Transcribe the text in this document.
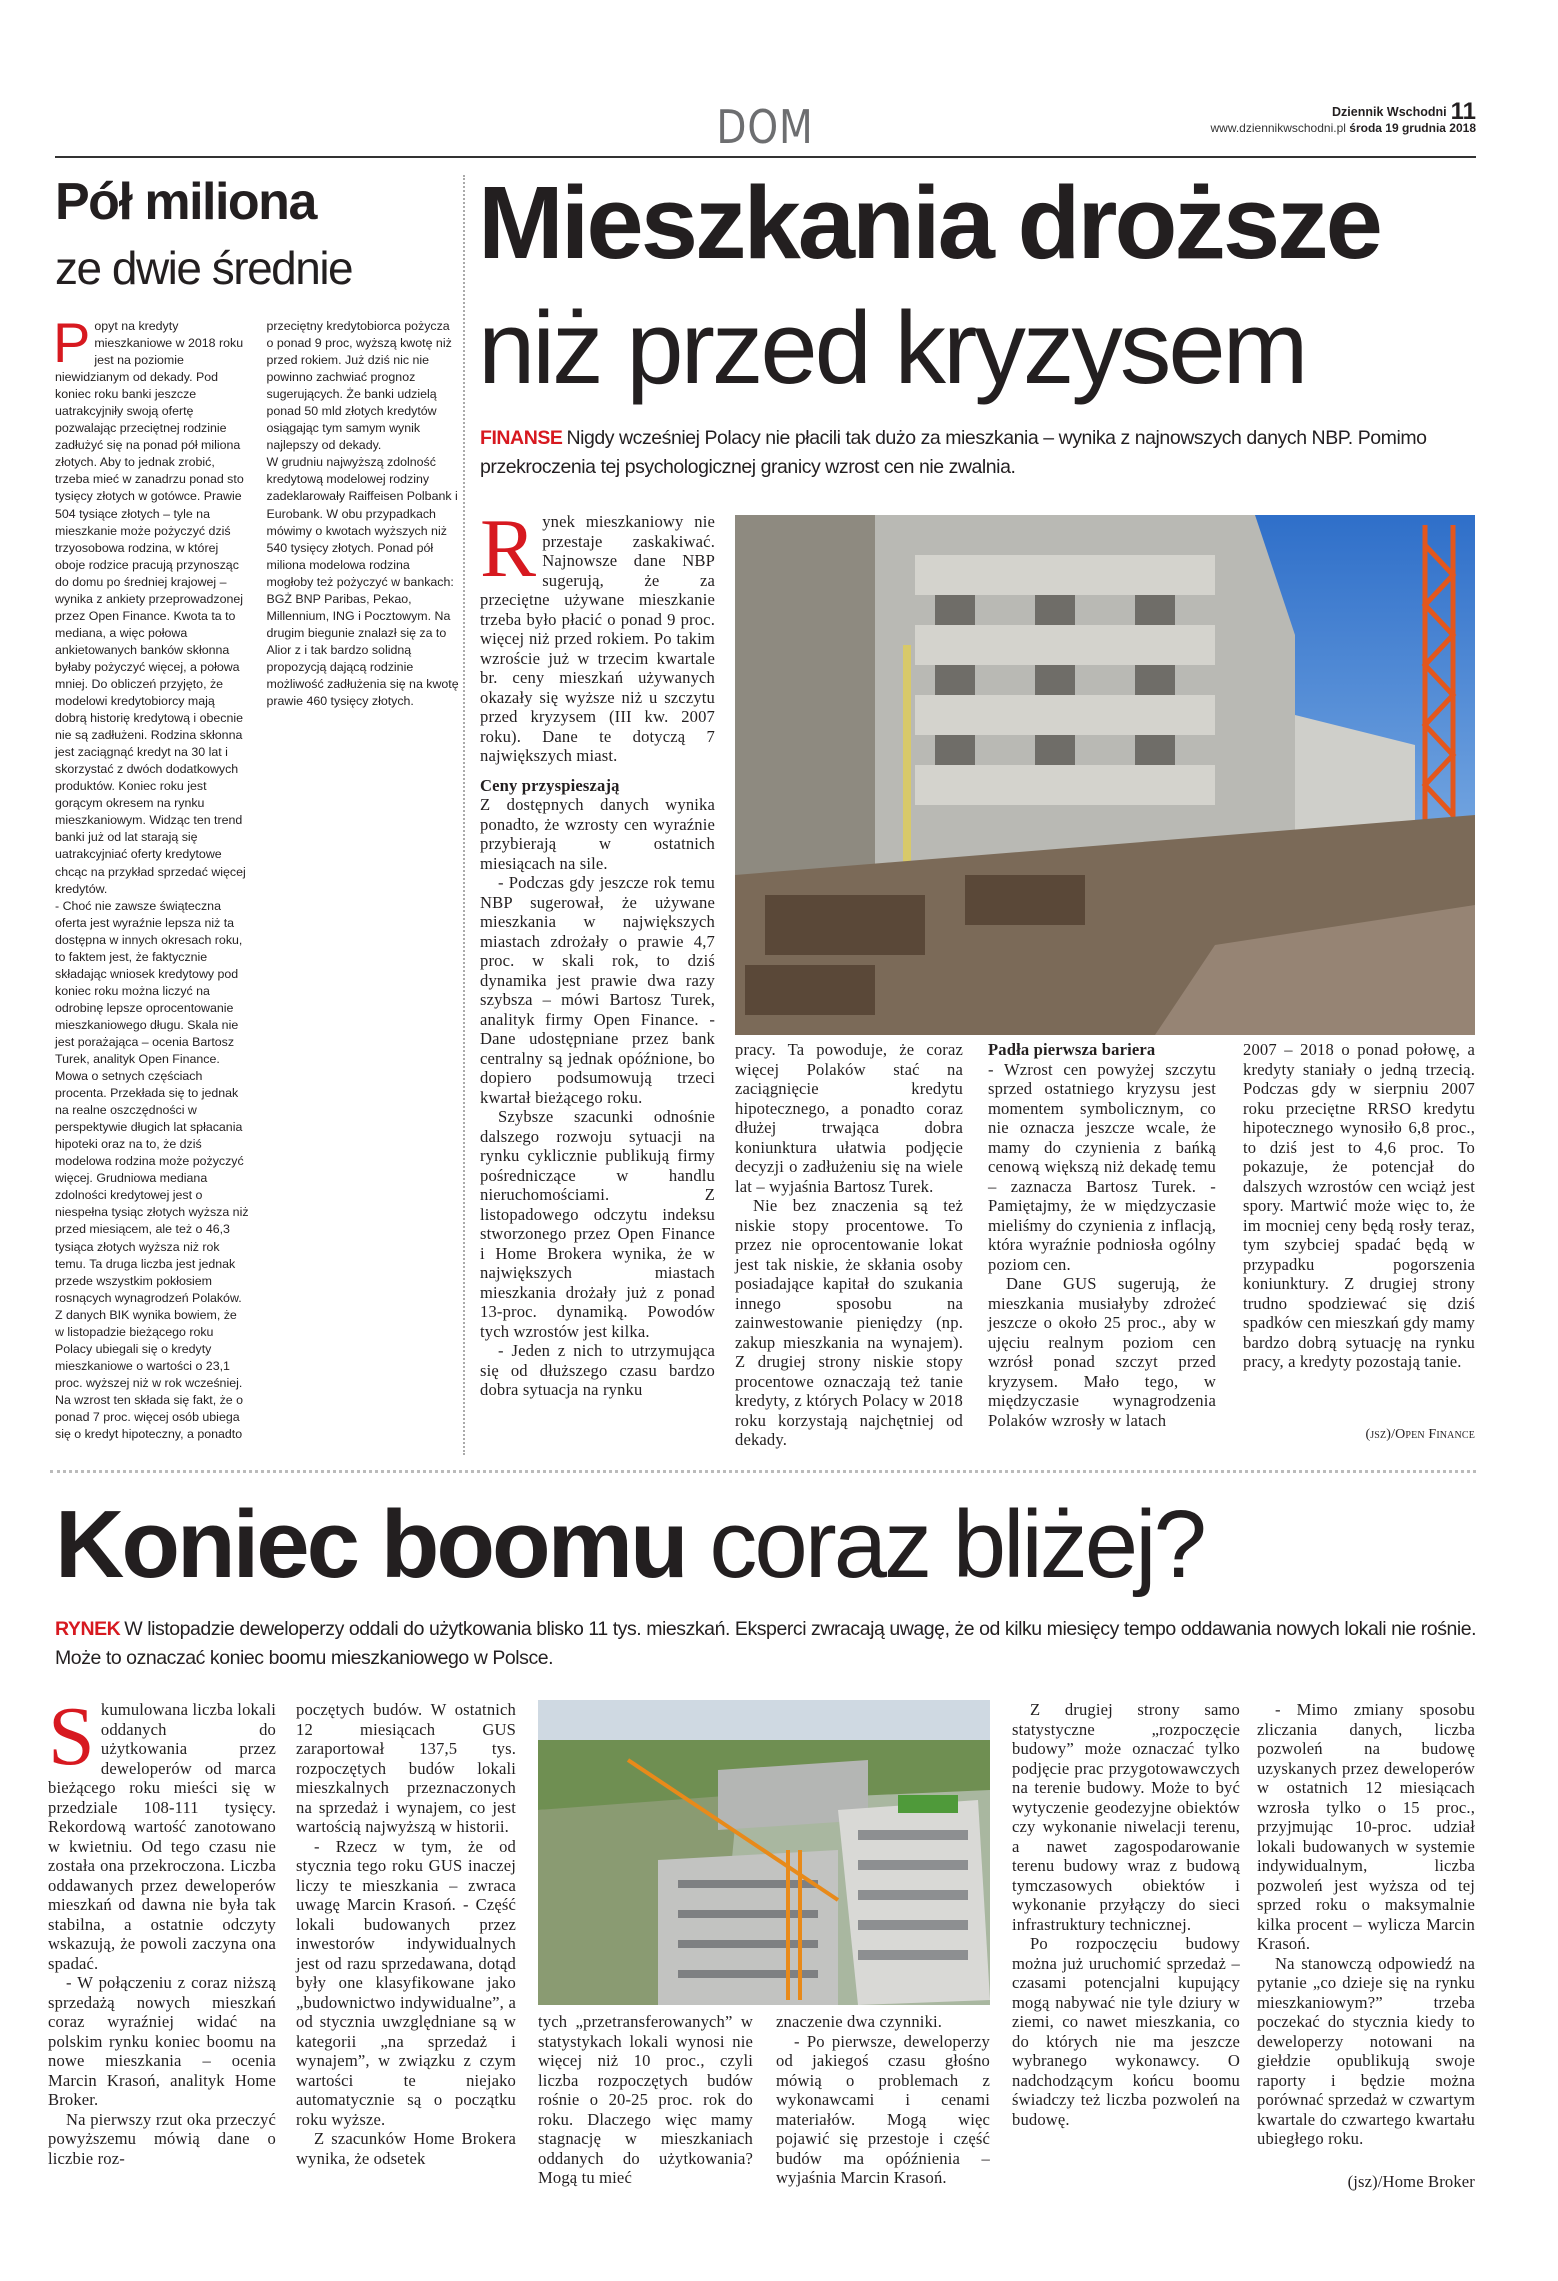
DOM	Dziennik Wschodni 11
www.dziennikwschodni.pl środa 19 grudnia 2018
Pół miliona
ze dwie średnie
P opyt na kredyty mieszkaniowe w 2018 roku jest na poziomie niewidzianym od dekady. Pod koniec roku banki jeszcze uatrakcyjniły swoją ofertę pozwalając przeciętnej rodzinie zadłużyć się na ponad pół miliona złotych. Aby to jednak zrobić, trzeba mieć w zanadrzu ponad sto tysięcy złotych w gotówce. Prawie 504 tysiące złotych – tyle na mieszkanie może pożyczyć dziś trzyosobowa rodzina, w której oboje rodzice pracują przynosząc do domu po średniej krajowej – wynika z ankiety przeprowadzonej przez Open Finance. Kwota ta to mediana, a więc połowa ankietowanych banków skłonna byłaby pożyczyć więcej, a połowa mniej. Do obliczeń przyjęto, że modelowi kredytobiorcy mają dobrą historię kredytową i obecnie nie są zadłużeni. Rodzina skłonna jest zaciągnąć kredyt na 30 lat i skorzystać z dwóch dodatkowych produktów. Koniec roku jest gorącym okresem na rynku mieszkaniowym. Widząc ten trend banki już od lat starają się uatrakcyjniać oferty kredytowe chcąc na przykład sprzedać więcej kredytów.

- Choć nie zawsze świąteczna oferta jest wyraźnie lepsza niż ta dostępna w innych okresach roku, to faktem jest, że faktycznie składając wniosek kredytowy pod koniec roku można liczyć na odrobinę lepsze oprocentowanie mieszkaniowego długu. Skala nie jest porażająca – ocenia Bartosz Turek, analityk Open Finance. Mowa o setnych częściach procenta. Przekłada się to jednak na realne oszczędności w perspektywie długich lat spłacania hipoteki oraz na to, że dziś modelowa rodzina może pożyczyć więcej. Grudniowa mediana zdolności kredytowej jest o niespełna tysiąc złotych wyższa niż przed miesiącem, ale też o 46,3 tysiąca złotych wyższa niż rok temu. Ta druga liczba jest jednak przede wszystkim pokłosiem rosnących wynagrodzeń Polaków.

Z danych BIK wynika bowiem, że w listopadzie bieżącego roku Polacy ubiegali się o kredyty mieszkaniowe o wartości o 23,1 proc. wyższej niż w rok wcześniej. Na wzrost ten składa się fakt, że o ponad 7 proc. więcej osób ubiega się o kredyt hipoteczny, a ponadto przeciętny kredytobiorca pożycza o ponad 9 proc, wyższą kwotę niż przed rokiem. Już dziś nic nie powinno zachwiać prognoz sugerujących. Że banki udzielą ponad 50 mld złotych kredytów osiągając tym samym wynik najlepszy od dekady.

W grudniu najwyższą zdolność kredytową modelowej rodziny zadeklarowały Raiffeisen Polbank i Eurobank. W obu przypadkach mówimy o kwotach wyższych niż 540 tysięcy złotych. Ponad pół miliona modelowa rodzina mogłoby też pożyczyć w bankach: BGŻ BNP Paribas, Pekao, Millennium, ING i Pocztowym. Na drugim biegunie znalazł się za to Alior z i tak bardzo solidną propozycją dającą rodzinie możliwość zadłużenia się na kwotę prawie 460 tysięcy złotych.

Mieszkania droższe
niż przed kryzysem
FINANSE Nigdy wcześniej Polacy nie płacili tak dużo za mieszkania – wynika z najnowszych danych NBP. Pomimo przekroczenia tej psychologicznej granicy wzrost cen nie zwalnia.
R ynek mieszkaniowy nie przestaje zaskakiwać. Najnowsze dane NBP sugerują, że za przeciętne używane mieszkanie trzeba było płacić o ponad 9 proc. więcej niż przed rokiem. Po takim wzroście już w trzecim kwartale br. ceny mieszkań używanych okazały się wyższe niż u szczytu przed kryzysem (III kw. 2007 roku). Dane te dotyczą 7 największych miast.

Ceny przyspieszają

Z dostępnych danych wynika ponadto, że wzrosty cen wyraźnie przybierają w ostatnich miesiącach na sile.

- Podczas gdy jeszcze rok temu NBP sugerował, że używane mieszkania w największych miastach zdrożały o prawie 4,7 proc. w skali rok, to dziś dynamika jest prawie dwa razy szybsza – mówi Bartosz Turek, analityk firmy Open Finance. - Dane udostępniane przez bank centralny są jednak opóźnione, bo dopiero podsumowują trzeci kwartał bieżącego roku.

Szybsze szacunki odnośnie dalszego rozwoju sytuacji na rynku cyklicznie publikują firmy pośredniczące w handlu nieruchomościami. Z listopadowego odczytu indeksu stworzonego przez Open Finance i Home Brokera wynika, że w największych miastach mieszkania drożały już z ponad 13-proc. dynamiką. Powodów tych wzrostów jest kilka.

- Jeden z nich to utrzymująca się od dłuższego czasu bardzo dobra sytuacja na rynku

pracy. Ta powoduje, że coraz więcej Polaków stać na zaciągnięcie kredytu hipotecznego, a ponadto coraz dłużej trwająca dobra koniunktura ułatwia podjęcie decyzji o zadłużeniu się na wiele lat – wyjaśnia Bartosz Turek.

Nie bez znaczenia są też niskie stopy procentowe. To przez nie oprocentowanie lokat jest tak niskie, że skłania osoby posiadające kapitał do szukania innego sposobu na zainwestowanie pieniędzy (np. zakup mieszkania na wynajem). Z drugiej strony niskie stopy procentowe oznaczają też tanie kredyty, z których Polacy w 2018 roku korzystają najchętniej od dekady.

Padła pierwsza bariera

- Wzrost cen powyżej szczytu sprzed ostatniego kryzysu jest momentem symbolicznym, co nie oznacza jeszcze wcale, że mamy do czynienia z bańką cenową większą niż dekadę temu – zaznacza Bartosz Turek. - Pamiętajmy, że w międzyczasie mieliśmy do czynienia z inflacją, która wyraźnie podniosła ogólny poziom cen.

Dane GUS sugerują, że mieszkania musiałyby zdrożeć jeszcze o około 25 proc., aby w ujęciu realnym poziom cen wzrósł ponad szczyt przed kryzysem. Mało tego, w międzyczasie wynagrodzenia Polaków wzrosły w latach

2007 – 2018 o ponad połowę, a kredyty staniały o jedną trzecią. Podczas gdy w sierpniu 2007 roku przeciętne RRSO kredytu hipotecznego wynosiło 6,8 proc., to dziś jest to 4,6 proc. To pokazuje, że potencjał do dalszych wzrostów cen wciąż jest spory. Martwić może więc to, że im mocniej ceny będą rosły teraz, tym szybciej spadać będą w przypadku pogorszenia koniunktury. Z drugiej strony trudno spodziewać się dziś spadków cen mieszkań gdy mamy bardzo dobrą sytuację na rynku pracy, a kredyty pozostają tanie.

(jsz)/Open Finance
Koniec boomu coraz bliżej?
RYNEK W listopadzie deweloperzy oddali do użytkowania blisko 11 tys. mieszkań. Eksperci zwracają uwagę, że od kilku miesięcy tempo oddawania nowych lokali nie rośnie. Może to oznaczać koniec boomu mieszkaniowego w Polsce.
S kumulowana liczba lokali oddanych do użytkowania przez deweloperów od marca bieżącego roku mieści się w przedziale 108-111 tysięcy. Rekordową wartość zanotowano w kwietniu. Od tego czasu nie została ona przekroczona. Liczba oddawanych przez deweloperów mieszkań od dawna nie była tak stabilna, a ostatnie odczyty wskazują, że powoli zaczyna ona spadać.

- W połączeniu z coraz niższą sprzedażą nowych mieszkań coraz wyraźniej widać na polskim rynku koniec boomu na nowe mieszkania – ocenia Marcin Krasoń, analityk Home Broker.

Na pierwszy rzut oka przeczyć powyższemu mówią dane o liczbie roz-

poczętych budów. W ostatnich 12 miesiącach GUS zaraportował 137,5 tys. rozpoczętych budów lokali mieszkalnych przeznaczonych na sprzedaż i wynajem, co jest wartością najwyższą w historii.

- Rzecz w tym, że od stycznia tego roku GUS inaczej liczy te mieszkania – zwraca uwagę Marcin Krasoń. - Część lokali budowanych przez inwestorów indywidualnych jest od razu sprzedawana, dotąd były one klasyfikowane jako „budownictwo indywidualne”, a od stycznia uwzględniane są w kategorii „na sprzedaż i wynajem”, w związku z czym wartości te niejako automatycznie są o początku roku wyższe.

Z szacunków Home Brokera wynika, że odsetek

tych „przetransferowanych” w statystykach lokali wynosi nie więcej niż 10 proc., czyli liczba rozpoczętych budów rośnie o 20-25 proc. rok do roku. Dlaczego więc mamy stagnację w mieszkaniach oddanych do użytkowania? Mogą tu mieć

znaczenie dwa czynniki.

- Po pierwsze, deweloperzy od jakiegoś czasu głośno mówią o problemach z wykonawcami i cenami materiałów. Mogą więc pojawić się przestoje i część budów ma opóźnienia – wyjaśnia Marcin Krasoń.

Z drugiej strony samo statystyczne „rozpoczęcie budowy” może oznaczać tylko podjęcie prac przygotowawczych na terenie budowy. Może to być wytyczenie geodezyjne obiektów czy wykonanie niwelacji terenu, a nawet zagospodarowanie terenu budowy wraz z budową tymczasowych obiektów i wykonanie przyłączy do sieci infrastruktury technicznej.

Po rozpoczęciu budowy można już uruchomić sprzedaż – czasami potencjalni kupujący mogą nabywać nie tyle dziury w ziemi, co nawet mieszkania, co do których nie ma jeszcze wybranego wykonawcy. O nadchodzącym końcu boomu świadczy też liczba pozwoleń na budowę.

- Mimo zmiany sposobu zliczania danych, liczba pozwoleń na budowę uzyskanych przez deweloperów w ostatnich 12 miesiącach wzrosła tylko o 15 proc., przyjmując 10-proc. udział lokali budowanych w systemie indywidualnym, liczba pozwoleń jest wyższa od tej sprzed roku o maksymalnie kilka procent – wylicza Marcin Krasoń.

Na stanowczą odpowiedź na pytanie „co dzieje się na rynku mieszkaniowym?” trzeba poczekać do stycznia kiedy to deweloperzy notowani na giełdzie opublikują swoje raporty i będzie można porównać sprzedaż w czwartym kwartale do czwartego kwartału ubiegłego roku.

(jsz)/Home Broker
